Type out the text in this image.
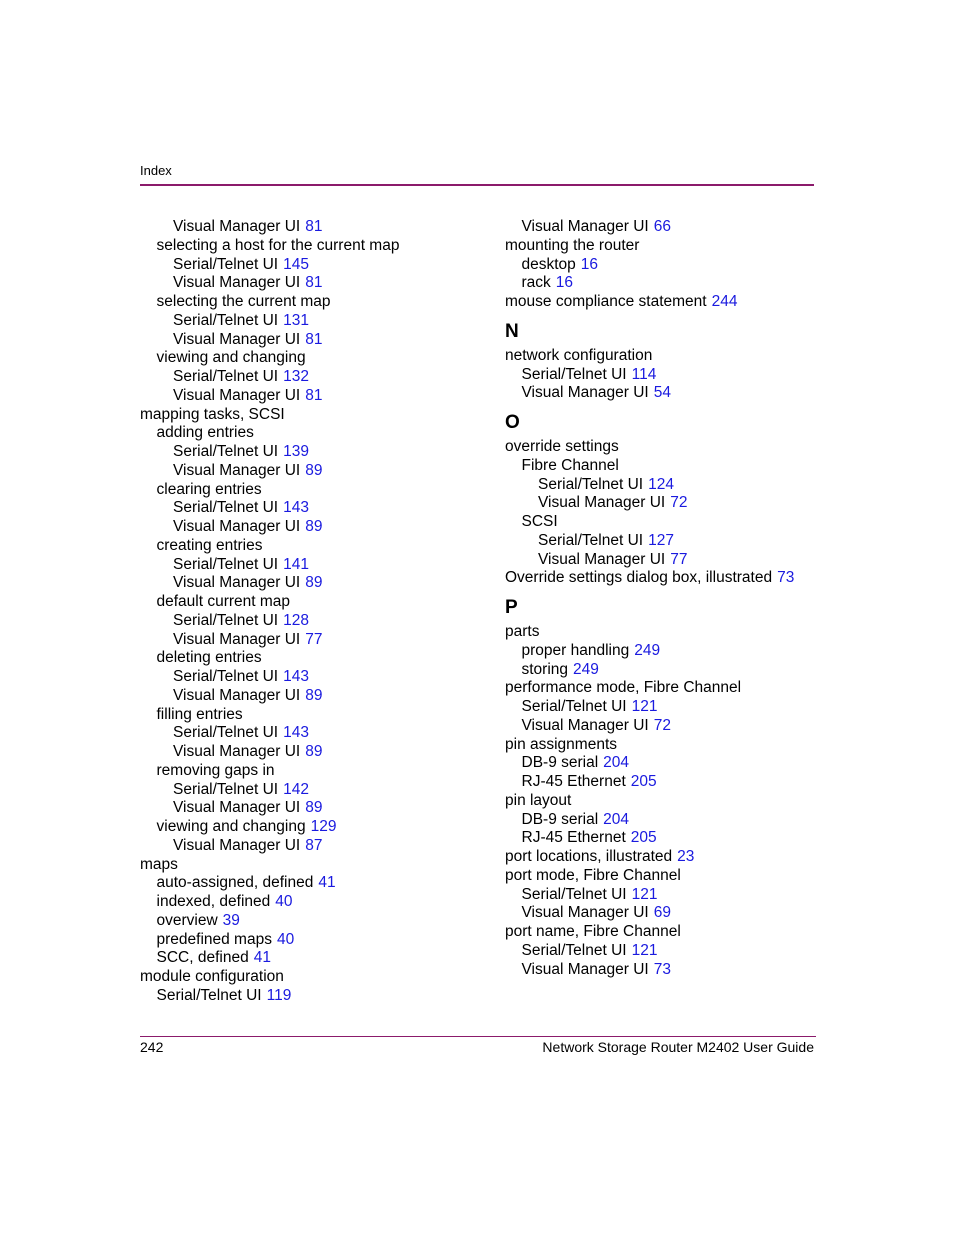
Index
Visual Manager UI 81
selecting a host for the current map
Serial/Telnet UI 145
Visual Manager UI 81
selecting the current map
Serial/Telnet UI 131
Visual Manager UI 81
viewing and changing
Serial/Telnet UI 132
Visual Manager UI 81
mapping tasks, SCSI
adding entries
Serial/Telnet UI 139
Visual Manager UI 89
clearing entries
Serial/Telnet UI 143
Visual Manager UI 89
creating entries
Serial/Telnet UI 141
Visual Manager UI 89
default current map
Serial/Telnet UI 128
Visual Manager UI 77
deleting entries
Serial/Telnet UI 143
Visual Manager UI 89
filling entries
Serial/Telnet UI 143
Visual Manager UI 89
removing gaps in
Serial/Telnet UI 142
Visual Manager UI 89
viewing and changing 129
Visual Manager UI 87
maps
auto-assigned, defined 41
indexed, defined 40
overview 39
predefined maps 40
SCC, defined 41
module configuration
Serial/Telnet UI 119
Visual Manager UI 66
mounting the router
desktop 16
rack 16
mouse compliance statement 244
N
network configuration
Serial/Telnet UI 114
Visual Manager UI 54
O
override settings
Fibre Channel
Serial/Telnet UI 124
Visual Manager UI 72
SCSI
Serial/Telnet UI 127
Visual Manager UI 77
Override settings dialog box, illustrated 73
P
parts
proper handling 249
storing 249
performance mode, Fibre Channel
Serial/Telnet UI 121
Visual Manager UI 72
pin assignments
DB-9 serial 204
RJ-45 Ethernet 205
pin layout
DB-9 serial 204
RJ-45 Ethernet 205
port locations, illustrated 23
port mode, Fibre Channel
Serial/Telnet UI 121
Visual Manager UI 69
port name, Fibre Channel
Serial/Telnet UI 121
Visual Manager UI 73
242	Network Storage Router M2402 User Guide
